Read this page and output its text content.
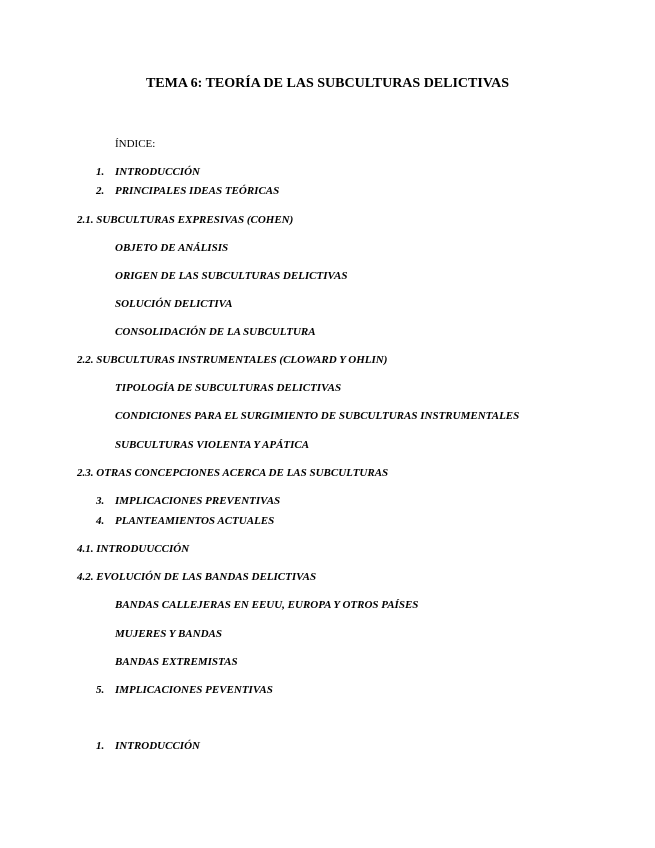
TEMA 6: TEORÍA DE LAS SUBCULTURAS DELICTIVAS
ÍNDICE:
1. INTRODUCCIÓN
2. PRINCIPALES IDEAS TEÓRICAS
2.1. SUBCULTURAS EXPRESIVAS (COHEN)
OBJETO DE ANÁLISIS
ORIGEN DE LAS SUBCULTURAS DELICTIVAS
SOLUCIÓN DELICTIVA
CONSOLIDACIÓN DE LA SUBCULTURA
2.2. SUBCULTURAS INSTRUMENTALES (CLOWARD Y OHLIN)
TIPOLOGÍA DE SUBCULTURAS DELICTIVAS
CONDICIONES PARA EL SURGIMIENTO DE SUBCULTURAS INSTRUMENTALES
SUBCULTURAS VIOLENTA Y APÁTICA
2.3. OTRAS CONCEPCIONES ACERCA DE LAS SUBCULTURAS
3. IMPLICACIONES PREVENTIVAS
4. PLANTEAMIENTOS ACTUALES
4.1. INTRODUUCCIÓN
4.2. EVOLUCIÓN DE LAS BANDAS DELICTIVAS
BANDAS CALLEJERAS EN EEUU, EUROPA Y OTROS PAÍSES
MUJERES Y BANDAS
BANDAS EXTREMISTAS
5. IMPLICACIONES PEVENTIVAS
1. INTRODUCCIÓN
